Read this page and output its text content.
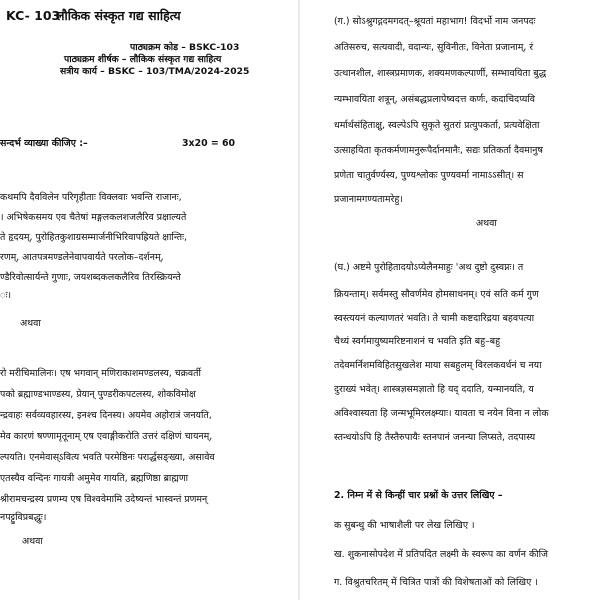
KC- 103
लौकिक संस्कृत गद्य साहित्य
पाठ्यक्रम कोड – BSKC-103
पाठ्यक्रम शीर्षक – लौकिक संस्कृत गद्य साहित्य
सत्रीय कार्य – BSKC – 103/TMA/2024-2025
सन्दर्भ व्याख्या कीजिए :–	3x20 = 60
कथमपि दैवविलेन परिगृहीताः विक्लवाः भवन्ति राजानः,
। अभिषेकसमय एव चैतेषां मङ्गलकलशजलैरिव प्रक्षाल्यते
ते हृदयम्, पुरोहितकुशाग्रसम्मार्जनीभिरिवापह्रियते क्षान्तिः,
रणम्, आतपत्रमण्डलेनेवापवार्यते परलोक–दर्शनम्,
ण्डैरिवोत्सार्यन्ते गुणाः, जयशब्दकलकलैरिव तिरस्क्रियन्ते
ः।
अथवा
रो मरीचिमालिनः। एष भगवान् मणिराकाशमण्डलस्य, चक्रवर्ती
पको ब्रह्माण्डभाण्डस्य, प्रेयान् पुण्डरीकपटलस्य, शोकविमोक्ष
न्द्रवाहः सर्वव्यवहारस्य, इनश्च दिनस्य। अयमेव अहोरात्रं जनयति,
मेव कारणं षण्णामृतूनाम् एष एवाङ्गीकरोति उत्तरं दक्षिणं चायनम्,
ल्पयति। एनमेवास्ऽवित्य भवति परमेष्ठिनः परार्द्धसङ्ख्या, असावेव
एतस्यैव वन्दिनः गायत्री अमुमेव गायति, ब्रह्मणिष्ठा ब्राह्मणा
श्रीरामचन्द्रस्य प्रणम्य एष विश्ववेमामि उदेष्यन्तं भास्वन्तं प्रणमन्
नपट्टुविप्रबद्धुः।
अथवा
(ग.) सोऽश्रुगद्गदमगदत्–श्रूयतां महाभाग! विदर्भो नाम जनपदः
अतिसरुच, सत्यवादी, वदान्यः, सुविनीतः, विनेता प्रजानाम्, रं
उत्थानशील, शास्त्रप्रमाणक, शक्यमणकल्पार्णी, सम्भावयिता बुद्ध
न्यम्भावयिता शत्रून्, असंबद्धप्रलापेष्वदत्त कर्णः, कदाचिदप्यवि
धर्मार्थसंहिताक्षु, स्वल्पेऽपि सुकृते सुतरां प्रत्युपकर्ता, प्रत्यवेक्षिता
उत्साहयिता कृतकर्मणामनुरूपैर्दानमानैः, सद्यः प्रतिकर्ता दैवमानुष
प्रणेता चातुर्वर्ण्यस्य, पुण्यश्लोकः पुण्यवर्मा नामाऽऽसीत्। स
प्रजानामगण्यतामरेहु।
अथवा
(घ.) अष्टमे पुरोहितादयोऽप्येलैनमाहुः 'अथ दुष्टो दुस्वप्नः। त
क्रियन्ताम्। सर्वमस्तु सौवर्णमेव होमसाधनम्। एवं सति कर्म गुण
स्वस्त्ययनं कल्याणतरं भवति। ते चामी कष्टदारिद्रया बहवपत्या
चैथ्यं स्वर्गमायुष्यमरिष्टनाशनं च भवति इति बहु–बहु
तदेवमर्निशमविहितसुखलेश माया सबहुलम् विरलकवर्धनं च नया
दुराख्यं भवेत्। शास्त्रज्ञसमज्ञातो हि यद् ददाति, यन्मानयति, य
अविश्वास्यता हि जन्मभूमिरलक्ष्म्याः। यावता च नयेन विना न लोक
स्तन्धयोऽपि हि तैस्तैरुपायैः स्तनपानं जनन्या लिप्सते, तदपास्य
2. निम्न में से किन्हीं चार प्रश्नों के उत्तर लिखिए –
क सुबन्धु की भाषाशैली पर लेख लिखिए ।
ख. शुकनासोपदेश में प्रतिपदित लक्ष्मी के स्वरूप का वर्णन कीजि
ग. विश्रुतचरितम् में चित्रित पात्रों की विशेषताओं को लिखिए ।
